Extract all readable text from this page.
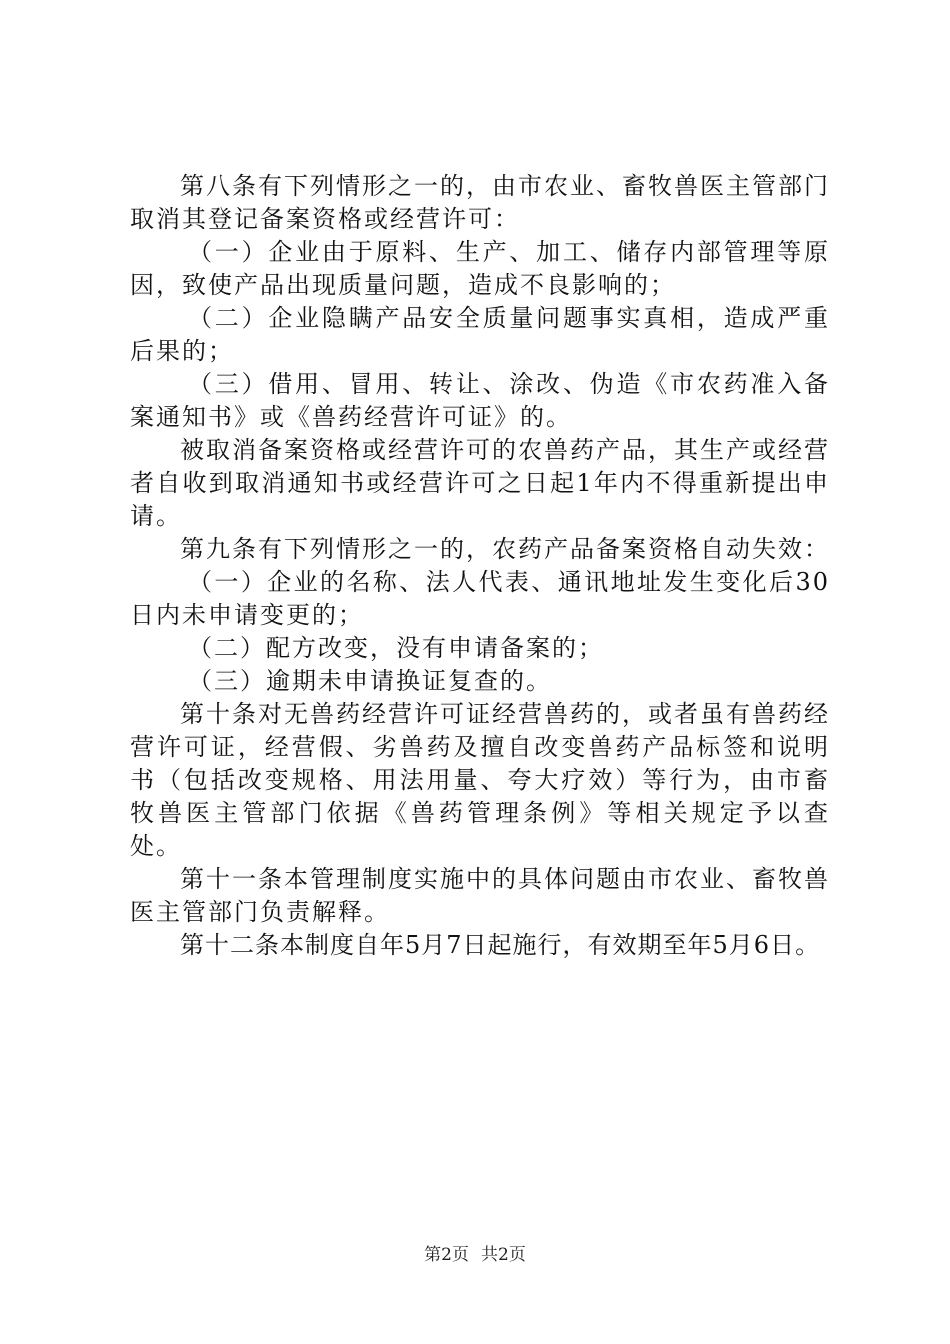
第八条有下列情形之一的，由市农业、畜牧兽医主管部门取消其登记备案资格或经营许可：

（一）企业由于原料、生产、加工、储存内部管理等原因，致使产品出现质量问题，造成不良影响的；

（二）企业隐瞒产品安全质量问题事实真相，造成严重后果的；

（三）借用、冒用、转让、涂改、伪造《市农药准入备案通知书》或《兽药经营许可证》的。

被取消备案资格或经营许可的农兽药产品，其生产或经营者自收到取消通知书或经营许可之日起1年内不得重新提出申请。

第九条有下列情形之一的，农药产品备案资格自动失效：

（一）企业的名称、法人代表、通讯地址发生变化后30日内未申请变更的；

（二）配方改变，没有申请备案的；

（三）逾期未申请换证复查的。

第十条对无兽药经营许可证经营兽药的，或者虽有兽药经营许可证，经营假、劣兽药及擅自改变兽药产品标签和说明书（包括改变规格、用法用量、夸大疗效）等行为，由市畜牧兽医主管部门依据《兽药管理条例》等相关规定予以查处。

第十一条本管理制度实施中的具体问题由市农业、畜牧兽医主管部门负责解释。

第十二条本制度自年5月7日起施行，有效期至年5月6日。

第2页 共2页
